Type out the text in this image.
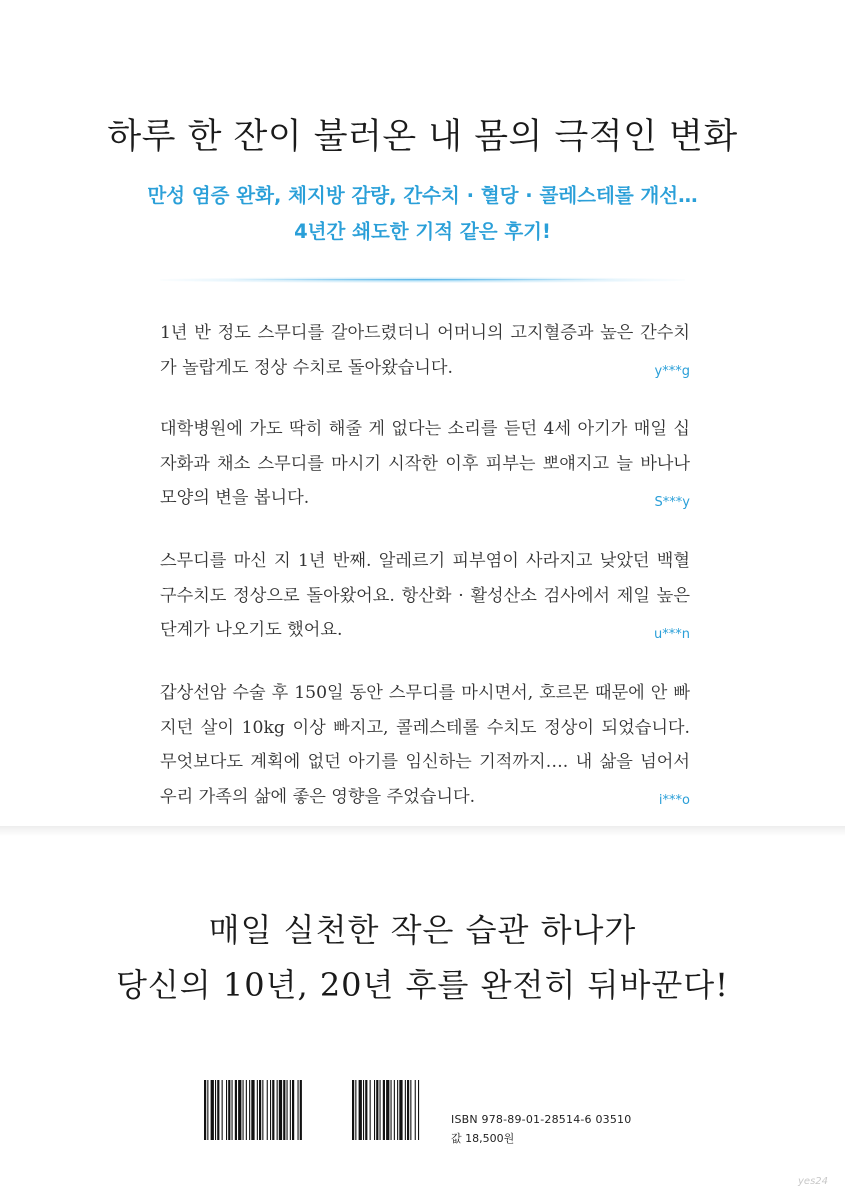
하루 한 잔이 불러온 내 몸의 극적인 변화
만성 염증 완화, 체지방 감량, 간수치 · 혈당 · 콜레스테롤 개선…
4년간 쇄도한 기적 같은 후기!
1년 반 정도 스무디를 갈아드렸더니 어머니의 고지혈증과 높은 간수치
가 놀랍게도 정상 수치로 돌아왔습니다.	y***g
대학병원에 가도 딱히 해줄 게 없다는 소리를 듣던 4세 아기가 매일 십
자화과 채소 스무디를 마시기 시작한 이후 피부는 뽀얘지고 늘 바나나
모양의 변을 봅니다.	S***y
스무디를 마신 지 1년 반째. 알레르기 피부염이 사라지고 낮았던 백혈
구수치도 정상으로 돌아왔어요. 항산화 · 활성산소 검사에서 제일 높은
단계가 나오기도 했어요.	u***n
갑상선암 수술 후 150일 동안 스무디를 마시면서, 호르몬 때문에 안 빠
지던 살이 10kg 이상 빠지고, 콜레스테롤 수치도 정상이 되었습니다.
무엇보다도 계획에 없던 아기를 임신하는 기적까지…. 내 삶을 넘어서
우리 가족의 삶에 좋은 영향을 주었습니다.	i***o
매일 실천한 작은 습관 하나가
당신의 10년, 20년 후를 완전히 뒤바꾼다!
ISBN 978-89-01-28514-6 03510
값 18,500원
yes24
